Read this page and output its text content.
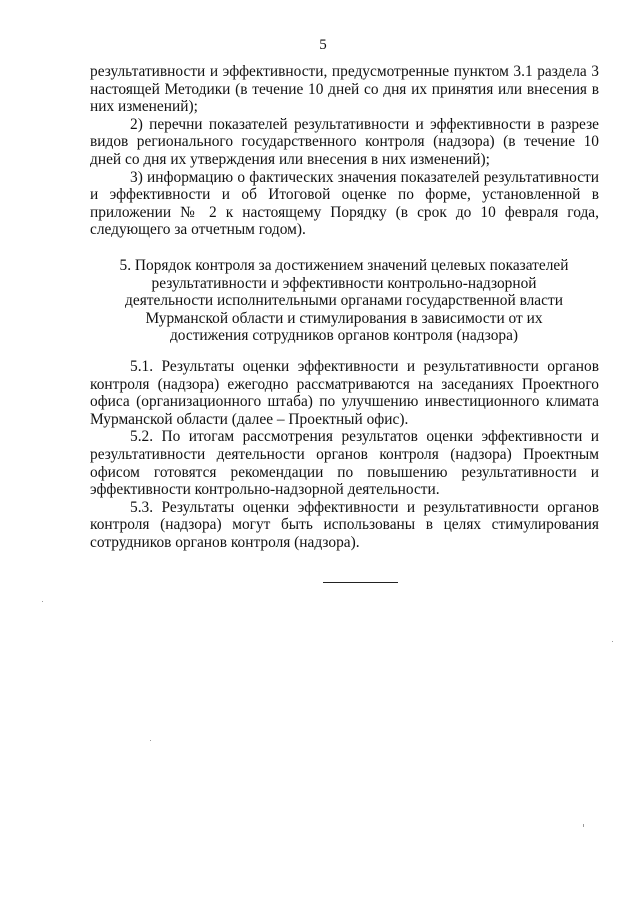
5

результативности и эффективности, предусмотренные пунктом 3.1 раздела 3 настоящей Методики (в течение 10 дней со дня их принятия или внесения в них изменений);

2) перечни показателей результативности и эффективности в разрезе видов регионального государственного контроля (надзора) (в течение 10 дней со дня их утверждения или внесения в них изменений);

3) информацию о фактических значения показателей результативности и эффективности и об Итоговой оценке по форме, установленной в приложении № 2 к настоящему Порядку (в срок до 10 февраля года, следующего за отчетным годом).

5. Порядок контроля за достижением значений целевых показателей результативности и эффективности контрольно-надзорной деятельности исполнительными органами государственной власти Мурманской области и стимулирования в зависимости от их достижения сотрудников органов контроля (надзора)

5.1. Результаты оценки эффективности и результативности органов контроля (надзора) ежегодно рассматриваются на заседаниях Проектного офиса (организационного штаба) по улучшению инвестиционного климата Мурманской области (далее – Проектный офис).

5.2. По итогам рассмотрения результатов оценки эффективности и результативности деятельности органов контроля (надзора) Проектным офисом готовятся рекомендации по повышению результативности и эффективности контрольно-надзорной деятельности.

5.3. Результаты оценки эффективности и результативности органов контроля (надзора) могут быть использованы в целях стимулирования сотрудников органов контроля (надзора).
